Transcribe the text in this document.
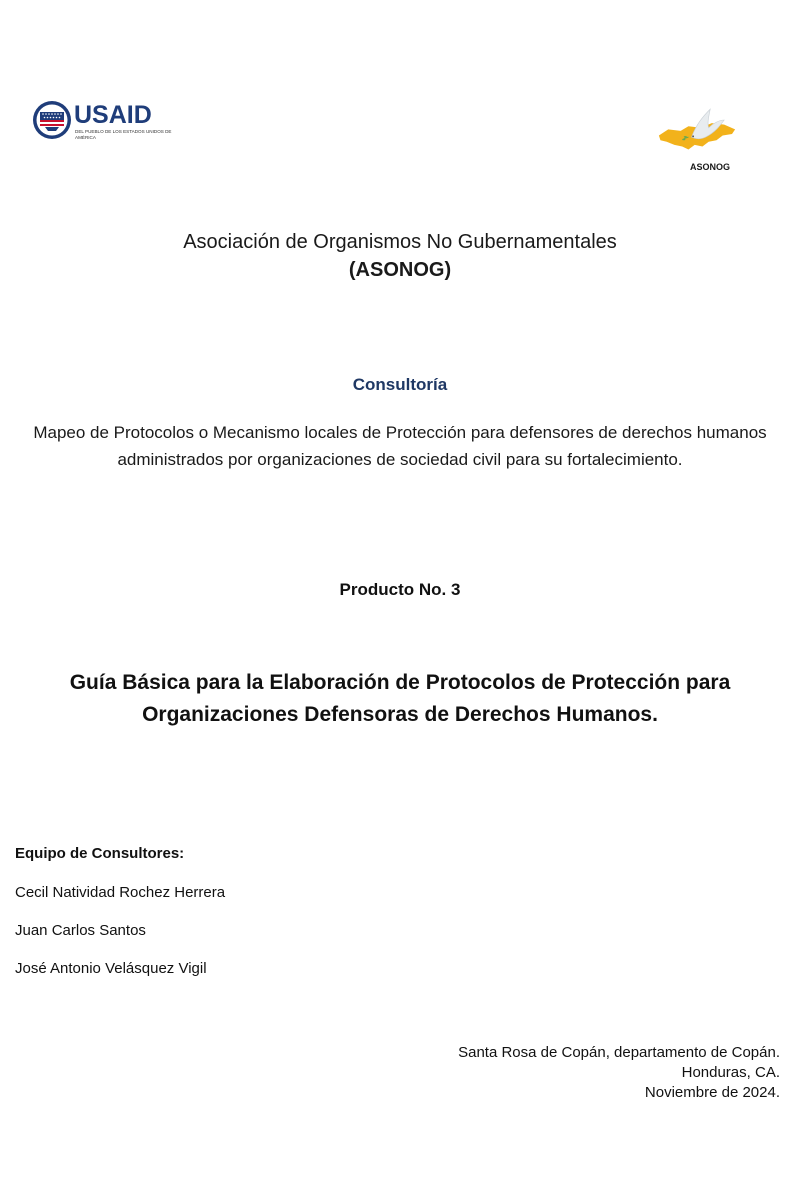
USAID
DEL PUEBLO DE LOS ESTADOS UNIDOS DE AMÉRICA
ASONOG
Asociación de Organismos No Gubernamentales
(ASONOG)
Consultoría
Mapeo de Protocolos o Mecanismo locales de Protección para defensores de derechos humanos administrados por organizaciones de sociedad civil para su fortalecimiento.
Producto No. 3
Guía Básica para la Elaboración de Protocolos de Protección para
Organizaciones Defensoras de Derechos Humanos.
Equipo de Consultores:
Cecil Natividad Rochez Herrera
Juan Carlos Santos
José Antonio Velásquez Vigil
Santa Rosa de Copán, departamento de Copán.
Honduras, CA.
Noviembre de 2024.
